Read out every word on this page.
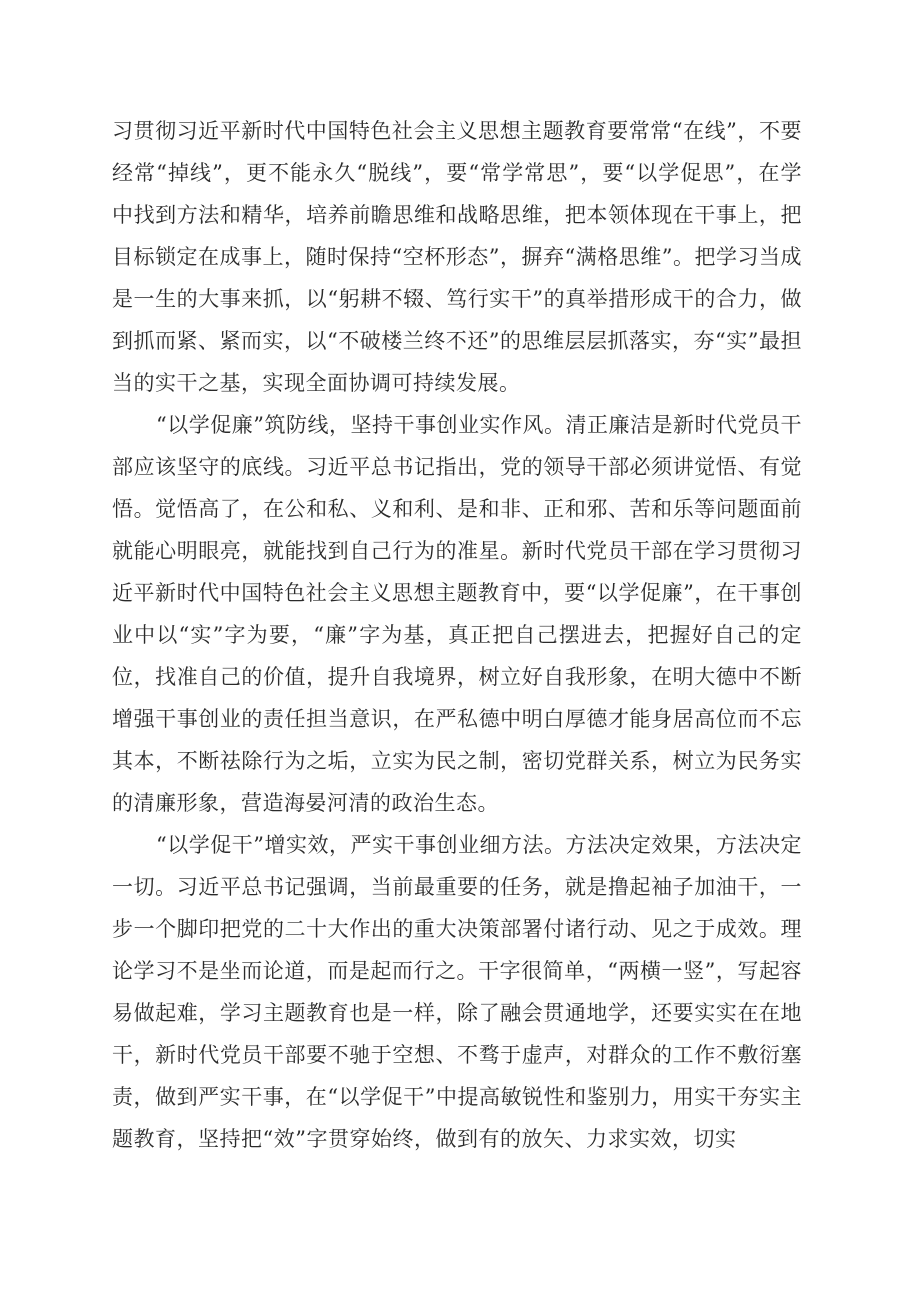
习贯彻习近平新时代中国特色社会主义思想主题教育要常常“在线”，不要经常“掉线”，更不能永久“脱线”，要“常学常思”，要“以学促思”，在学中找到方法和精华，培养前瞻思维和战略思维，把本领体现在干事上，把目标锁定在成事上，随时保持“空杯形态”，摒弃“满格思维”。把学习当成是一生的大事来抓，以“躬耕不辍、笃行实干”的真举措形成干的合力，做到抓而紧、紧而实，以“不破楼兰终不还”的思维层层抓落实，夯“实”最担当的实干之基，实现全面协调可持续发展。

“以学促廉”筑防线，坚持干事创业实作风。清正廉洁是新时代党员干部应该坚守的底线。习近平总书记指出，党的领导干部必须讲觉悟、有觉悟。觉悟高了，在公和私、义和利、是和非、正和邪、苦和乐等问题面前就能心明眼亮，就能找到自己行为的准星。新时代党员干部在学习贯彻习近平新时代中国特色社会主义思想主题教育中，要“以学促廉”，在干事创业中以“实”字为要，“廉”字为基，真正把自己摆进去，把握好自己的定位，找准自己的价值，提升自我境界，树立好自我形象，在明大德中不断增强干事创业的责任担当意识，在严私德中明白厚德才能身居高位而不忘其本，不断祛除行为之垢，立实为民之制，密切党群关系，树立为民务实的清廉形象，营造海晏河清的政治生态。

“以学促干”增实效，严实干事创业细方法。方法决定效果，方法决定一切。习近平总书记强调，当前最重要的任务，就是撸起袖子加油干，一步一个脚印把党的二十大作出的重大决策部署付诸行动、见之于成效。理论学习不是坐而论道，而是起而行之。干字很简单，“两横一竖”，写起容易做起难，学习主题教育也是一样，除了融会贯通地学，还要实实在在地干，新时代党员干部要不驰于空想、不骛于虚声，对群众的工作不敷衍塞责，做到严实干事，在“以学促干”中提高敏锐性和鉴别力，用实干夯实主题教育，坚持把“效”字贯穿始终，做到有的放矢、力求实效，切实
